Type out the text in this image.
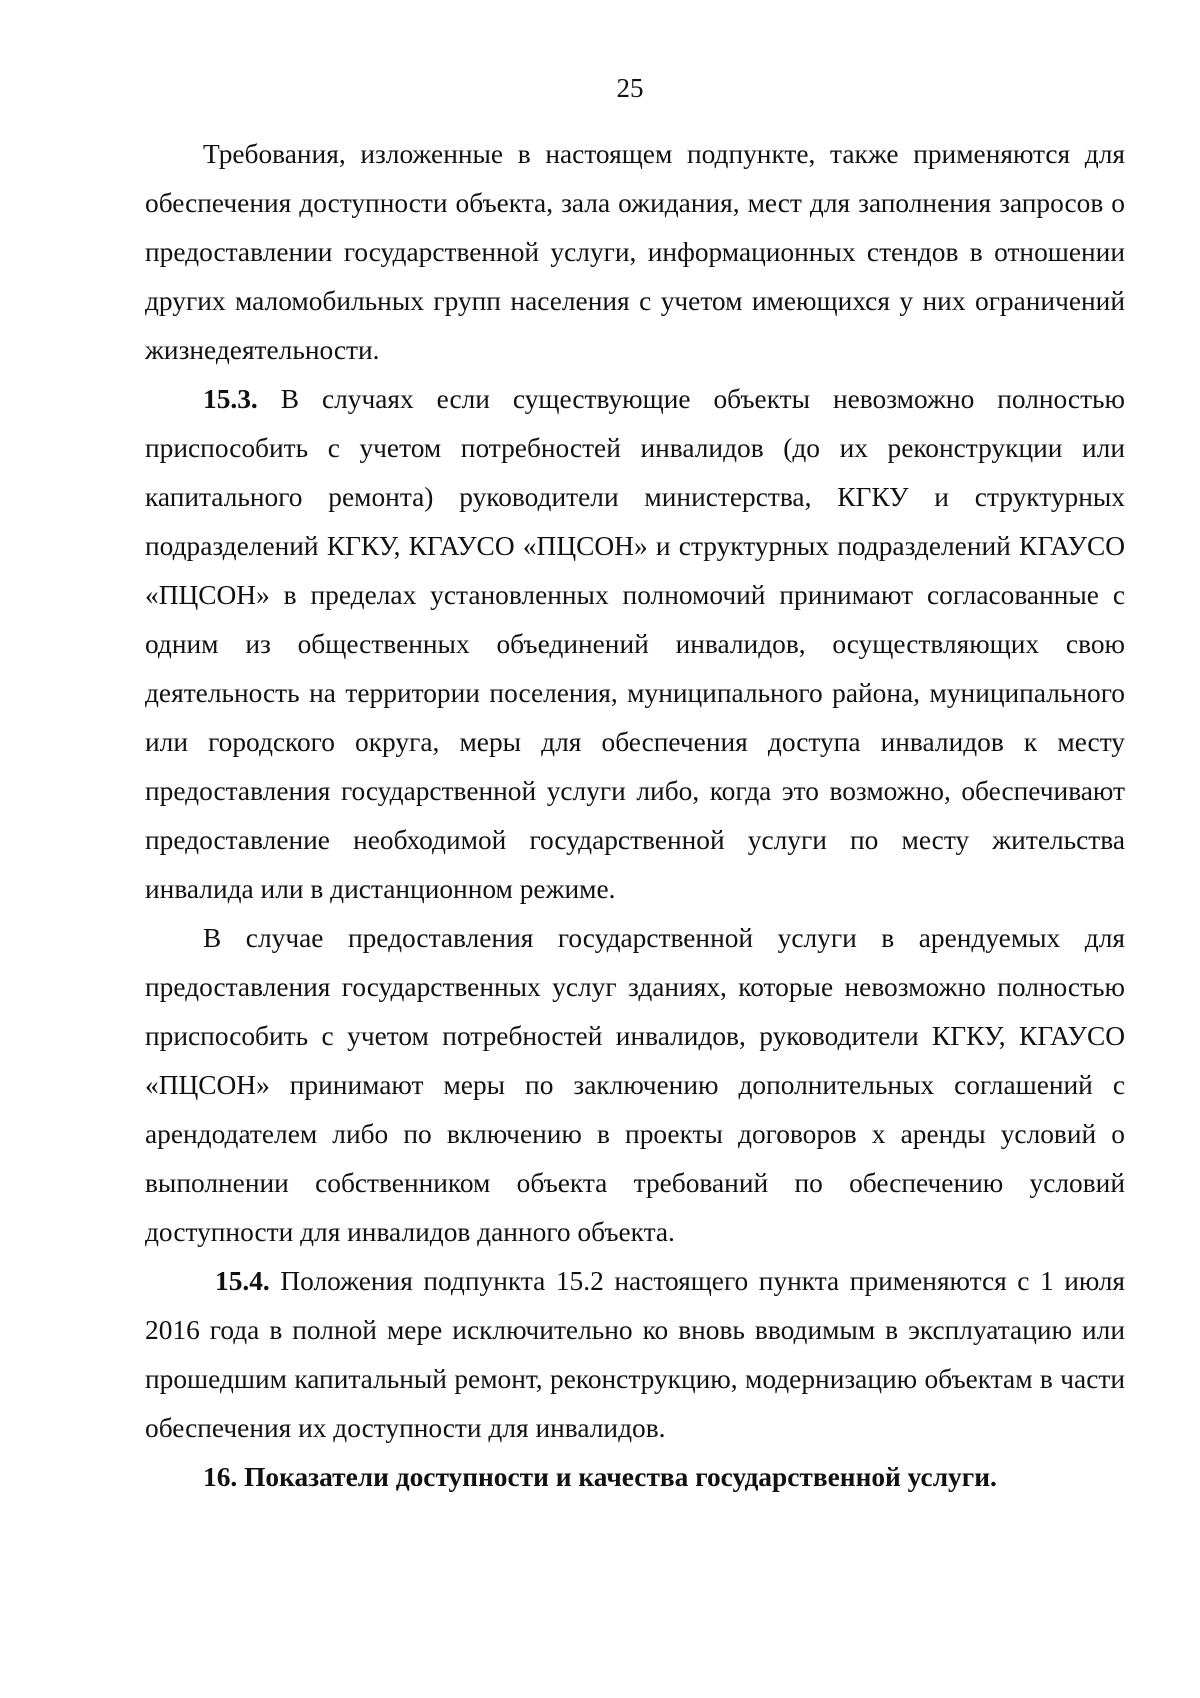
25

Требования, изложенные в настоящем подпункте, также применяются для обеспечения доступности объекта, зала ожидания, мест для заполнения запросов о предоставлении государственной услуги, информационных стендов в отношении других маломобильных групп населения с учетом имеющихся у них ограничений жизнедеятельности.

15.3. В случаях если существующие объекты невозможно полностью приспособить с учетом потребностей инвалидов (до их реконструкции или капитального ремонта) руководители министерства, КГКУ и структурных подразделений КГКУ, КГАУСО «ПЦСОН» и структурных подразделений КГАУСО «ПЦСОН» в пределах установленных полномочий принимают согласованные с одним из общественных объединений инвалидов, осуществляющих свою деятельность на территории поселения, муниципального района, муниципального или городского округа, меры для обеспечения доступа инвалидов к месту предоставления государственной услуги либо, когда это возможно, обеспечивают предоставление необходимой государственной услуги по месту жительства инвалида или в дистанционном режиме.

В случае предоставления государственной услуги в арендуемых для предоставления государственных услуг зданиях, которые невозможно полностью приспособить с учетом потребностей инвалидов, руководители КГКУ, КГАУСО «ПЦСОН» принимают меры по заключению дополнительных соглашений с арендодателем либо по включению в проекты договоров х аренды условий о выполнении собственником объекта требований по обеспечению условий доступности для инвалидов данного объекта.

15.4. Положения подпункта 15.2 настоящего пункта применяются с 1 июля 2016 года в полной мере исключительно ко вновь вводимым в эксплуатацию или прошедшим капитальный ремонт, реконструкцию, модернизацию объектам в части обеспечения их доступности для инвалидов.

16. Показатели доступности и качества государственной услуги.
